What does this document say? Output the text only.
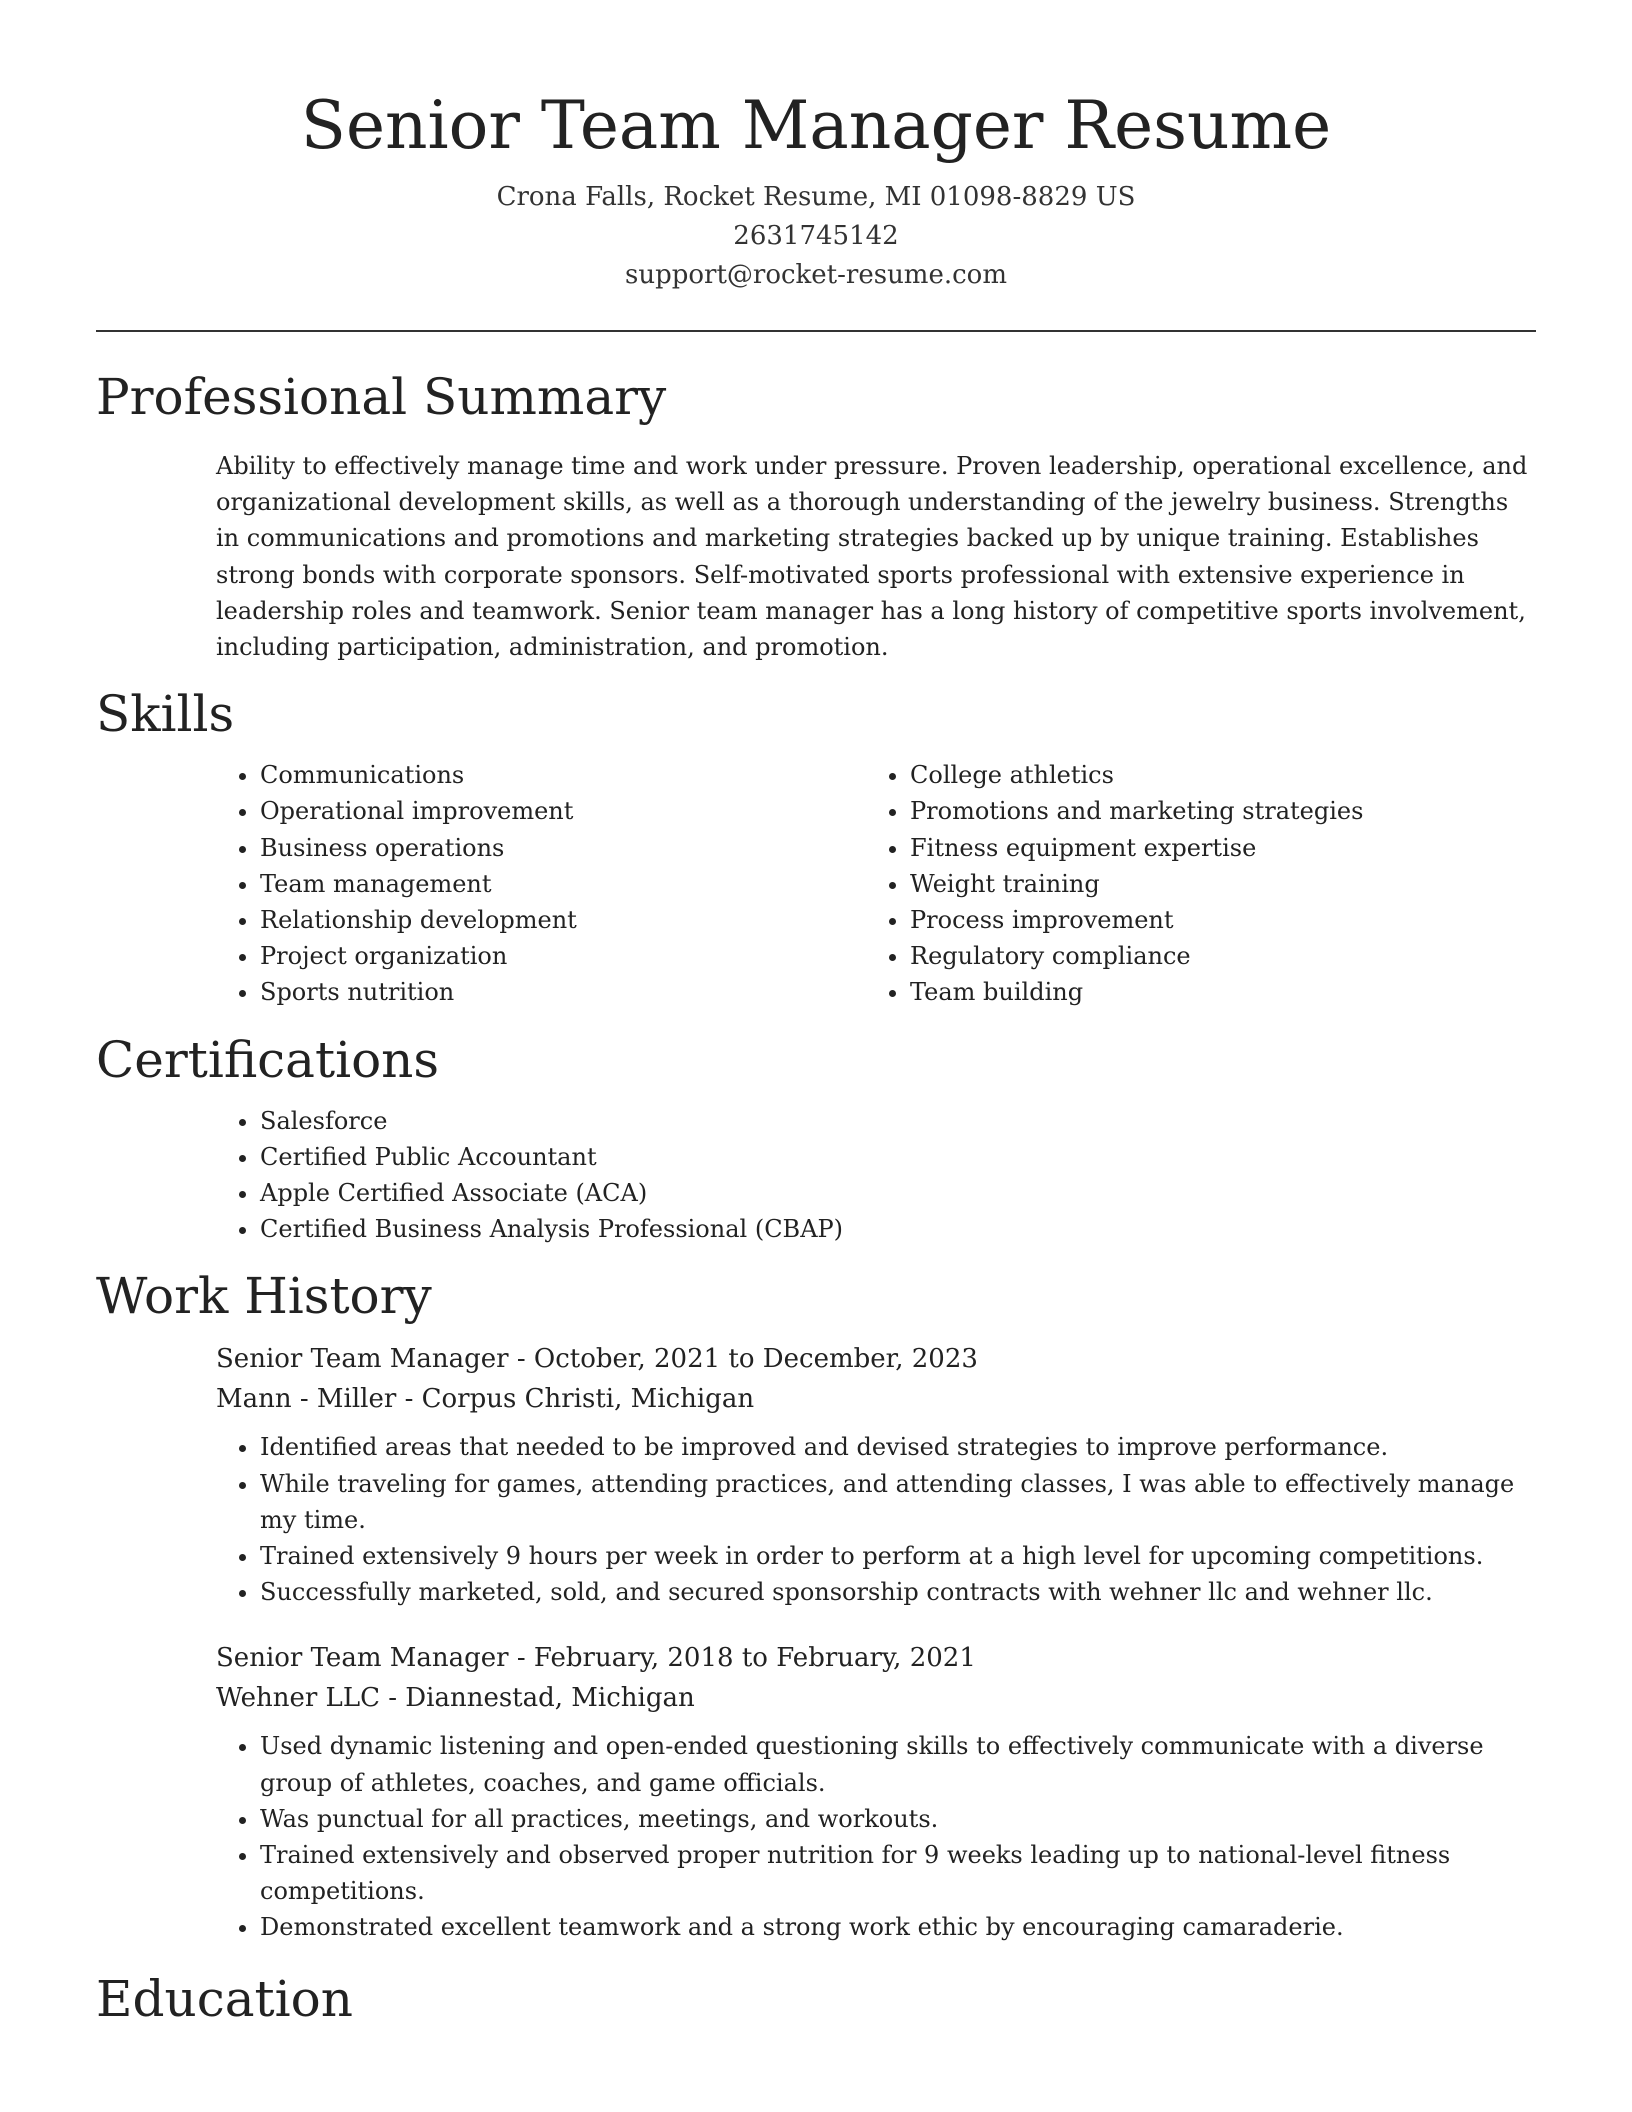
Senior Team Manager Resume
Crona Falls, Rocket Resume, MI 01098-8829 US
2631745142
support@rocket-resume.com
Professional Summary

Ability to effectively manage time and work under pressure. Proven leadership, operational excellence, and organizational development skills, as well as a thorough understanding of the jewelry business. Strengths in communications and promotions and marketing strategies backed up by unique training. Establishes strong bonds with corporate sponsors. Self-motivated sports professional with extensive experience in leadership roles and teamwork. Senior team manager has a long history of competitive sports involvement, including participation, administration, and promotion.

Skills
• Communications
• Operational improvement
• Business operations
• Team management
• Relationship development
• Project organization
• Sports nutrition
• College athletics
• Promotions and marketing strategies
• Fitness equipment expertise
• Weight training
• Process improvement
• Regulatory compliance
• Team building
Certifications
• Salesforce
• Certified Public Accountant
• Apple Certified Associate (ACA)
• Certified Business Analysis Professional (CBAP)
Work History
Senior Team Manager - October, 2021 to December, 2023
Mann - Miller - Corpus Christi, Michigan
• Identified areas that needed to be improved and devised strategies to improve performance.
• While traveling for games, attending practices, and attending classes, I was able to effectively manage my time.
• Trained extensively 9 hours per week in order to perform at a high level for upcoming competitions.
• Successfully marketed, sold, and secured sponsorship contracts with wehner llc and wehner llc.
Senior Team Manager - February, 2018 to February, 2021
Wehner LLC - Diannestad, Michigan
• Used dynamic listening and open-ended questioning skills to effectively communicate with a diverse group of athletes, coaches, and game officials.
• Was punctual for all practices, meetings, and workouts.
• Trained extensively and observed proper nutrition for 9 weeks leading up to national-level fitness competitions.
• Demonstrated excellent teamwork and a strong work ethic by encouraging camaraderie.
Education
